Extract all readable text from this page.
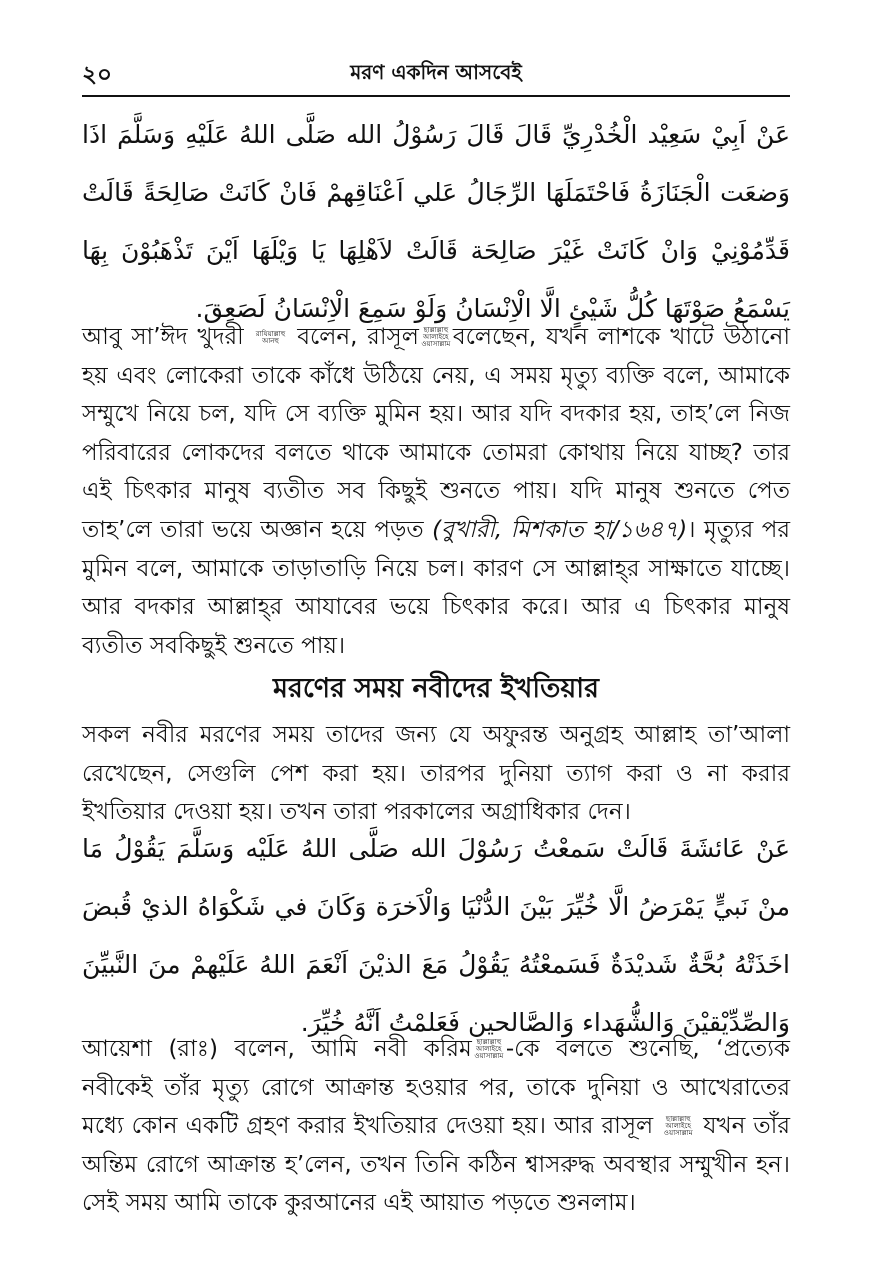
২০	মরণ একদিন আসবেই

عَنْ اَبِيْ سَعِيْد الْخُدْرِيِّ قَالَ قَالَ رَسُوْلُ الله صَلَّى اللهُ عَلَيْهِ وَسَلَّمَ اذَا وَضعَت الْجَنَازَةُ فَاحْتَمَلَهَا الرِّجَالُ عَلي اَعْنَاقِهمْ فَانْ كَانَتْ صَالِحَةً قَالَتْ قَدِّمُوْنِيْ وَانْ كَانَتْ غَيْرَ صَالِحَة قَالَتْ لاَهْلِهَا يَا وَيْلَهَا اَيْنَ تَذْهَبُوْنَ بِهَا يَسْمَعُ صَوْتَهَا كُلُّ شَيْئٍ الَّا الْاِنْسَانُ وَلَوْ سَمِعَ الْاِنْسَانُ لَصَعِقَ.

আবু সা’ঈদ খুদরী রাযিয়াল্লাহু আনহু বলেন, রাসূল ছাল্লাল্লাহু আলাইহে ওয়াসাল্লাম বলেছেন, যখন লাশকে খাটে উঠানো হয় এবং লোকেরা তাকে কাঁধে উঠিয়ে নেয়, এ সময় মৃত্যু ব্যক্তি বলে, আমাকে সম্মুখে নিয়ে চল, যদি সে ব্যক্তি মুমিন হয়। আর যদি বদকার হয়, তাহ’লে নিজ পরিবারের লোকদের বলতে থাকে আমাকে তোমরা কোথায় নিয়ে যাচ্ছ? তার এই চিৎকার মানুষ ব্যতীত সব কিছুই শুনতে পায়। যদি মানুষ শুনতে পেত তাহ’লে তারা ভয়ে অজ্ঞান হয়ে পড়ত (বুখারী, মিশকাত হা/১৬৪৭)। মৃত্যুর পর মুমিন বলে, আমাকে তাড়াতাড়ি নিয়ে চল। কারণ সে আল্লাহ্‌র সাক্ষাতে যাচ্ছে। আর বদকার আল্লাহ্‌র আযাবের ভয়ে চিৎকার করে। আর এ চিৎকার মানুষ ব্যতীত সবকিছুই শুনতে পায়।

মরণের সময় নবীদের ইখতিয়ার

সকল নবীর মরণের সময় তাদের জন্য যে অফুরন্ত অনুগ্রহ আল্লাহ তা’আলা রেখেছেন, সেগুলি পেশ করা হয়। তারপর দুনিয়া ত্যাগ করা ও না করার ইখতিয়ার দেওয়া হয়। তখন তারা পরকালের অগ্রাধিকার দেন।

عَنْ عَائشَةَ قَالَتْ سَمعْتُ رَسُوْلَ الله صَلَّى اللهُ عَلَيْه وَسَلَّمَ يَقُوْلُ مَا منْ نَبيٍّ يَمْرَضُ الَّا خُيِّرَ بَيْنَ الدُّنْيَا وَالْاَخرَة وَكَانَ في شَكْوَاهُ الذيْ قُبضَ اخَذَتْهُ بُحَّةٌ شَديْدَةٌ فَسَمعْتُهُ يَقُوْلُ مَعَ الذيْنَ اَنْعَمَ اللهُ عَلَيْهمْ منَ النَّبيِّنَ وَالصِّدِّيْقيْنَ وَالشُّهَداء وَالصَّالحين فَعَلمْتُ اَنَّهُ خُيِّرَ.

আয়েশা (রাঃ) বলেন, আমি নবী করিম ছাল্লাল্লাহু আলাইহে ওয়াসাল্লাম -কে বলতে শুনেছি, ‘প্রত্যেক নবীকেই তাঁর মৃত্যু রোগে আক্রান্ত হওয়ার পর, তাকে দুনিয়া ও আখেরাতের মধ্যে কোন একটি গ্রহণ করার ইখতিয়ার দেওয়া হয়। আর রাসূল ছাল্লাল্লাহু আলাইহে ওয়াসাল্লাম যখন তাঁর অন্তিম রোগে আক্রান্ত হ’লেন, তখন তিনি কঠিন শ্বাসরুদ্ধ অবস্থার সম্মুখীন হন। সেই সময় আমি তাকে কুরআনের এই আয়াত পড়তে শুনলাম।
